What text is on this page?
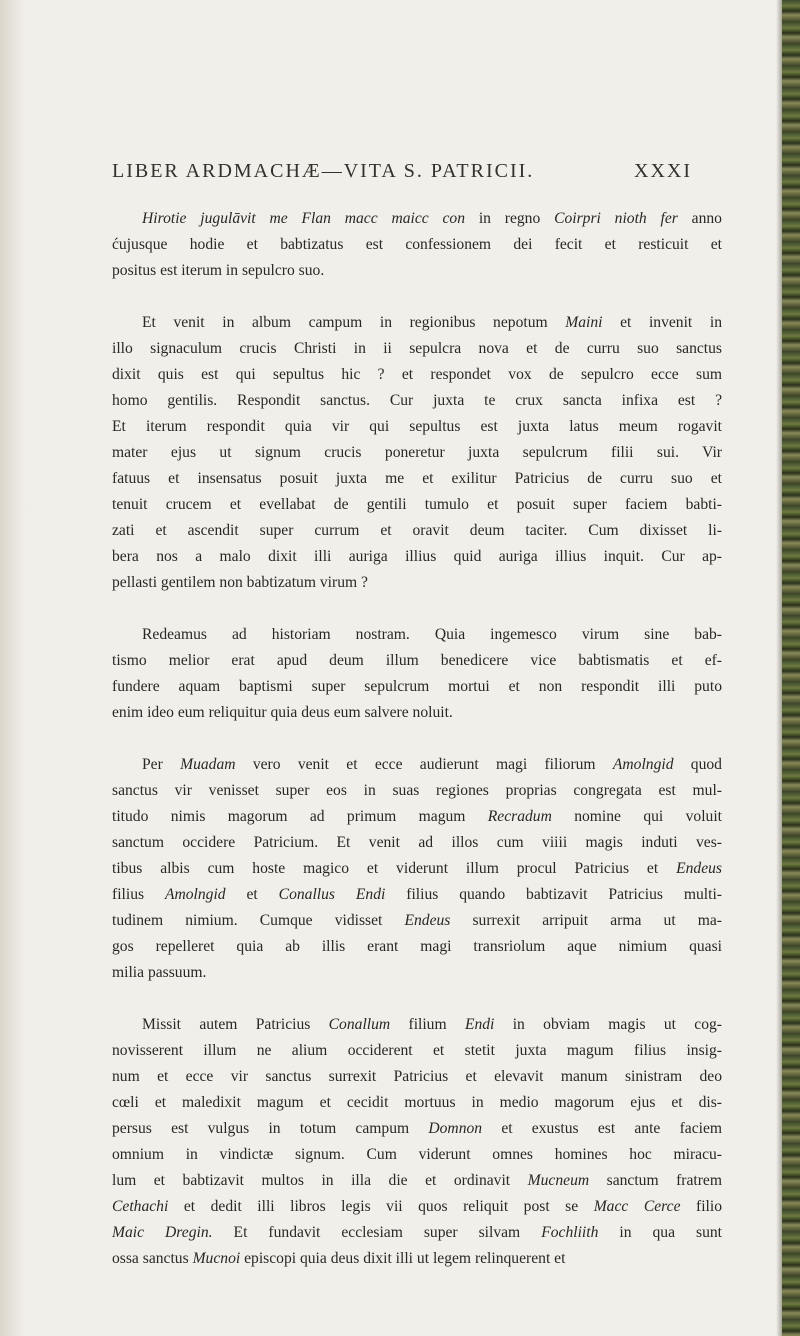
LIBER ARDMACHÆ—VITA S. PATRICII.	XXXI
Hirotie jugulāvit me Flan macc maicc con in regno Coirpri nioth fer anno
ćujusque hodie et babtizatus est confessionem dei fecit et resticuit et
positus est iterum in sepulcro suo.
Et venit in album campum in regionibus nepotum Maini et invenit in
illo signaculum crucis Christi in ii sepulcra nova et de curru suo sanctus
dixit quis est qui sepultus hic ? et respondet vox de sepulcro ecce sum
homo gentilis. Respondit sanctus. Cur juxta te crux sancta infixa est ?
Et iterum respondit quia vir qui sepultus est juxta latus meum rogavit
mater ejus ut signum crucis poneretur juxta sepulcrum filii sui. Vir
fatuus et insensatus posuit juxta me et exilitur Patricius de curru suo et
tenuit crucem et evellabat de gentili tumulo et posuit super faciem babti-
zati et ascendit super currum et oravit deum taciter. Cum dixisset li-
bera nos a malo dixit illi auriga illius quid auriga illius inquit. Cur ap-
pellasti gentilem non babtizatum virum ?
Redeamus ad historiam nostram. Quia ingemesco virum sine bab-
tismo melior erat apud deum illum benedicere vice babtismatis et ef-
fundere aquam baptismi super sepulcrum mortui et non respondit illi puto
enim ideo eum reliquitur quia deus eum salvere noluit.
Per Muadam vero venit et ecce audierunt magi filiorum Amolngid quod
sanctus vir venisset super eos in suas regiones proprias congregata est mul-
titudo nimis magorum ad primum magum Recradum nomine qui voluit
sanctum occidere Patricium. Et venit ad illos cum viiii magis induti ves-
tibus albis cum hoste magico et viderunt illum procul Patricius et Endeus
filius Amolngid et Conallus Endi filius quando babtizavit Patricius multi-
tudinem nimium. Cumque vidisset Endeus surrexit arripuit arma ut ma-
gos repelleret quia ab illis erant magi transriolum aque nimium quasi
milia passuum.
Missit autem Patricius Conallum filium Endi in obviam magis ut cog-
novisserent illum ne alium occiderent et stetit juxta magum filius insig-
num et ecce vir sanctus surrexit Patricius et elevavit manum sinistram deo
cœli et maledixit magum et cecidit mortuus in medio magorum ejus et dis-
persus est vulgus in totum campum Domnon et exustus est ante faciem
omnium in vindictæ signum. Cum viderunt omnes homines hoc miracu-
lum et babtizavit multos in illa die et ordinavit Mucneum sanctum fratrem
Cethachi et dedit illi libros legis vii quos reliquit post se Macc Cerce filio
Maic Dregin. Et fundavit ecclesiam super silvam Fochliith in qua sunt
ossa sanctus Mucnoi episcopi quia deus dixit illi ut legem relinquerent et
